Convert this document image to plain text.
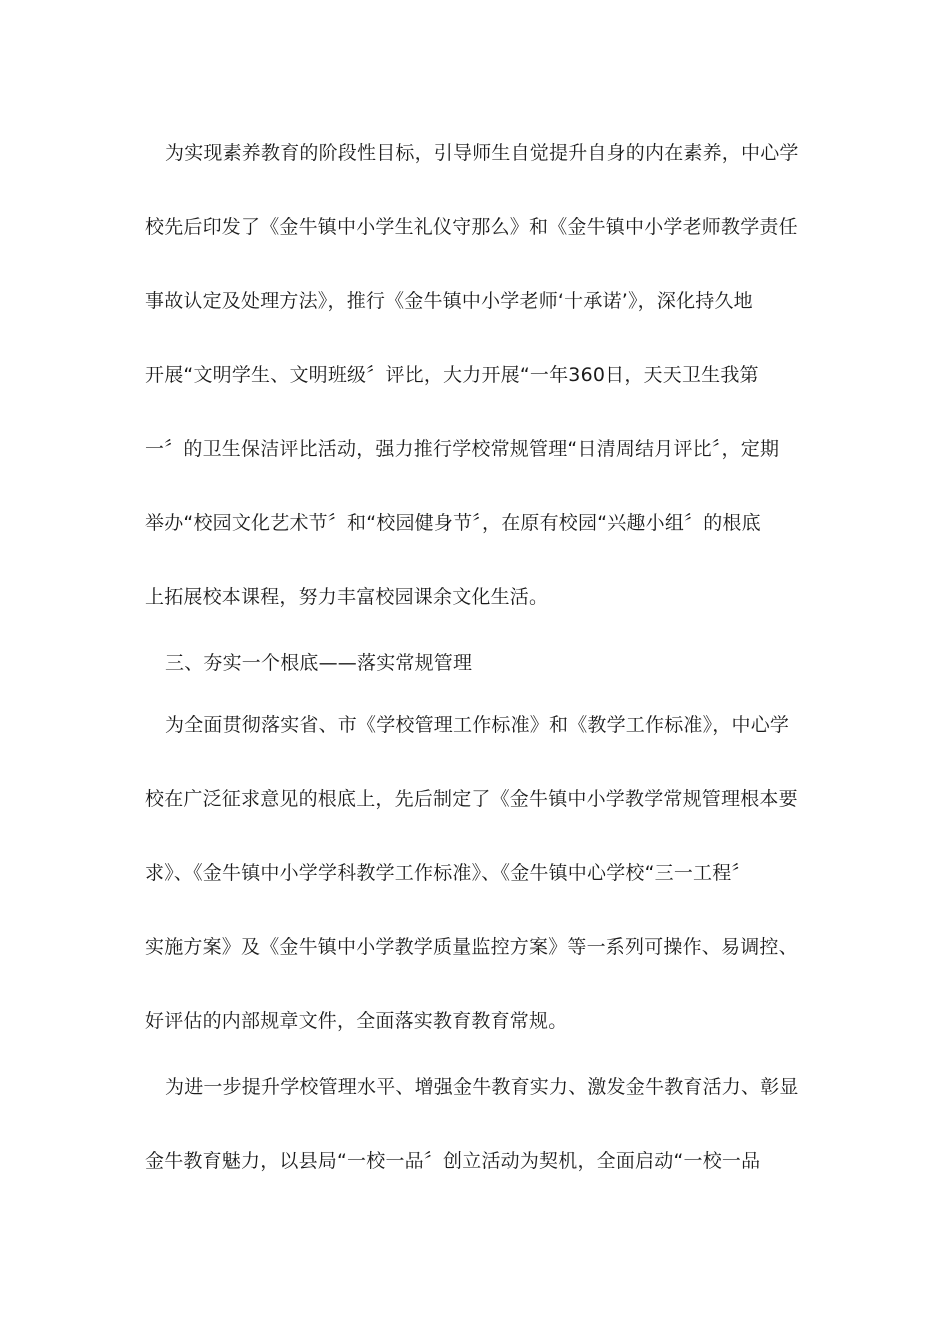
为实现素养教育的阶段性目标，引导师生自觉提升自身的内在素养，中心学
校先后印发了《金牛镇中小学生礼仪守那么》和《金牛镇中小学老师教学责任
事故认定及处理方法》，推行《金牛镇中小学老师‘十承诺’》，深化持久地
开展“文明学生、文明班级〞评比，大力开展“一年360日，天天卫生我第
一〞的卫生保洁评比活动，强力推行学校常规管理“日清周结月评比〞，定期
举办“校园文化艺术节〞和“校园健身节〞，在原有校园“兴趣小组〞的根底
上拓展校本课程，努力丰富校园课余文化生活。
三、夯实一个根底——落实常规管理
为全面贯彻落实省、市《学校管理工作标准》和《教学工作标准》，中心学
校在广泛征求意见的根底上，先后制定了《金牛镇中小学教学常规管理根本要
求》、《金牛镇中小学学科教学工作标准》、《金牛镇中心学校“三一工程〞
实施方案》及《金牛镇中小学教学质量监控方案》等一系列可操作、易调控、
好评估的内部规章文件，全面落实教育教育常规。
为进一步提升学校管理水平、增强金牛教育实力、激发金牛教育活力、彰显
金牛教育魅力，以县局“一校一品〞创立活动为契机，全面启动“一校一品
